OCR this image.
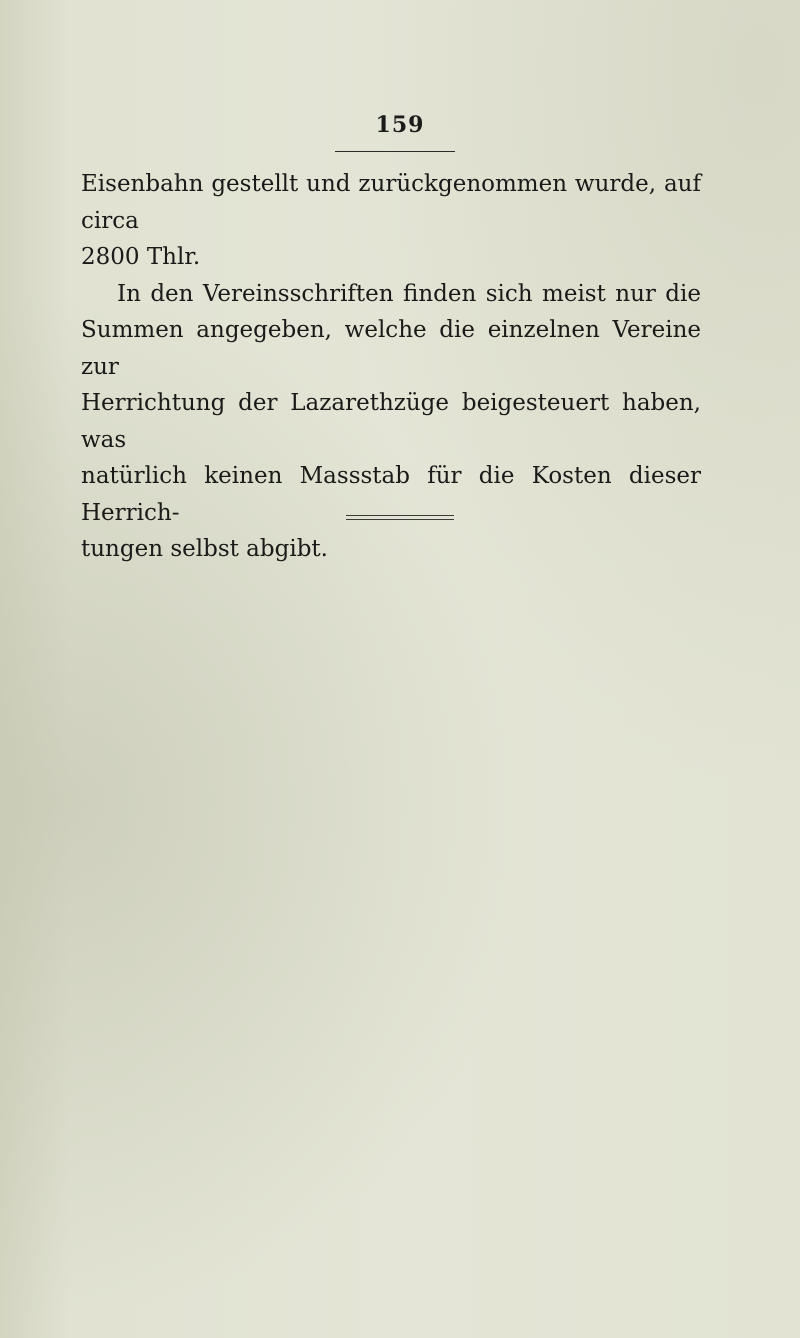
159

Eisenbahn gestellt und zurückgenommen wurde, auf circa
2800 Thlr.

In den Vereinsschriften finden sich meist nur die
Summen angegeben, welche die einzelnen Vereine zur
Herrichtung der Lazarethzüge beigesteuert haben, was
natürlich keinen Massstab für die Kosten dieser Herrich-
tungen selbst abgibt.
